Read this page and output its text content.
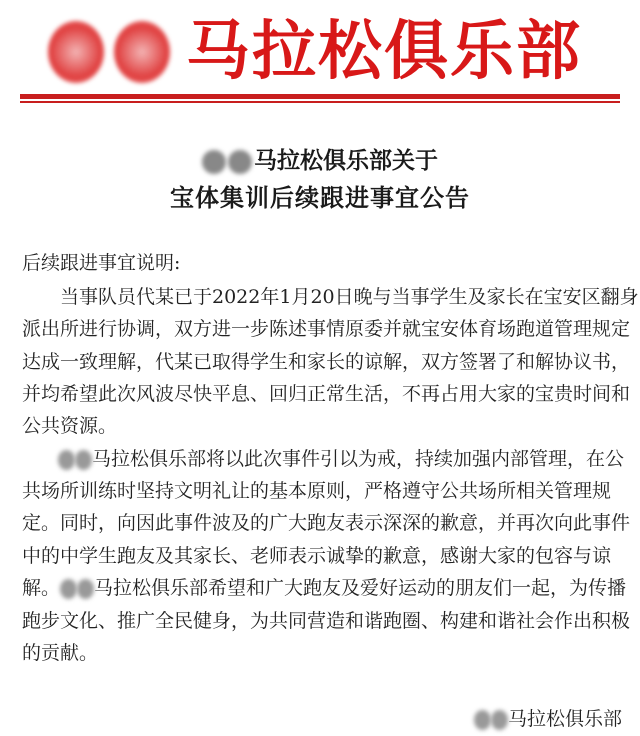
马拉松俱乐部
马拉松俱乐部关于
宝体集训后续跟进事宜公告
后续跟进事宜说明:
当事队员代某已于2022年1月20日晚与当事学生及家长在宝安区翻身
派出所进行协调，双方进一步陈述事情原委并就宝安体育场跑道管理规定
达成一致理解，代某已取得学生和家长的谅解，双方签署了和解协议书，
并均希望此次风波尽快平息、回归正常生活，不再占用大家的宝贵时间和
公共资源。
马拉松俱乐部将以此次事件引以为戒，持续加强内部管理，在公
共场所训练时坚持文明礼让的基本原则，严格遵守公共场所相关管理规
定。同时，向因此事件波及的广大跑友表示深深的歉意，并再次向此事件
中的中学生跑友及其家长、老师表示诚挚的歉意，感谢大家的包容与谅
解。 马拉松俱乐部希望和广大跑友及爱好运动的朋友们一起，为传播
跑步文化、推广全民健身，为共同营造和谐跑圈、构建和谐社会作出积极
的贡献。
马拉松俱乐部
